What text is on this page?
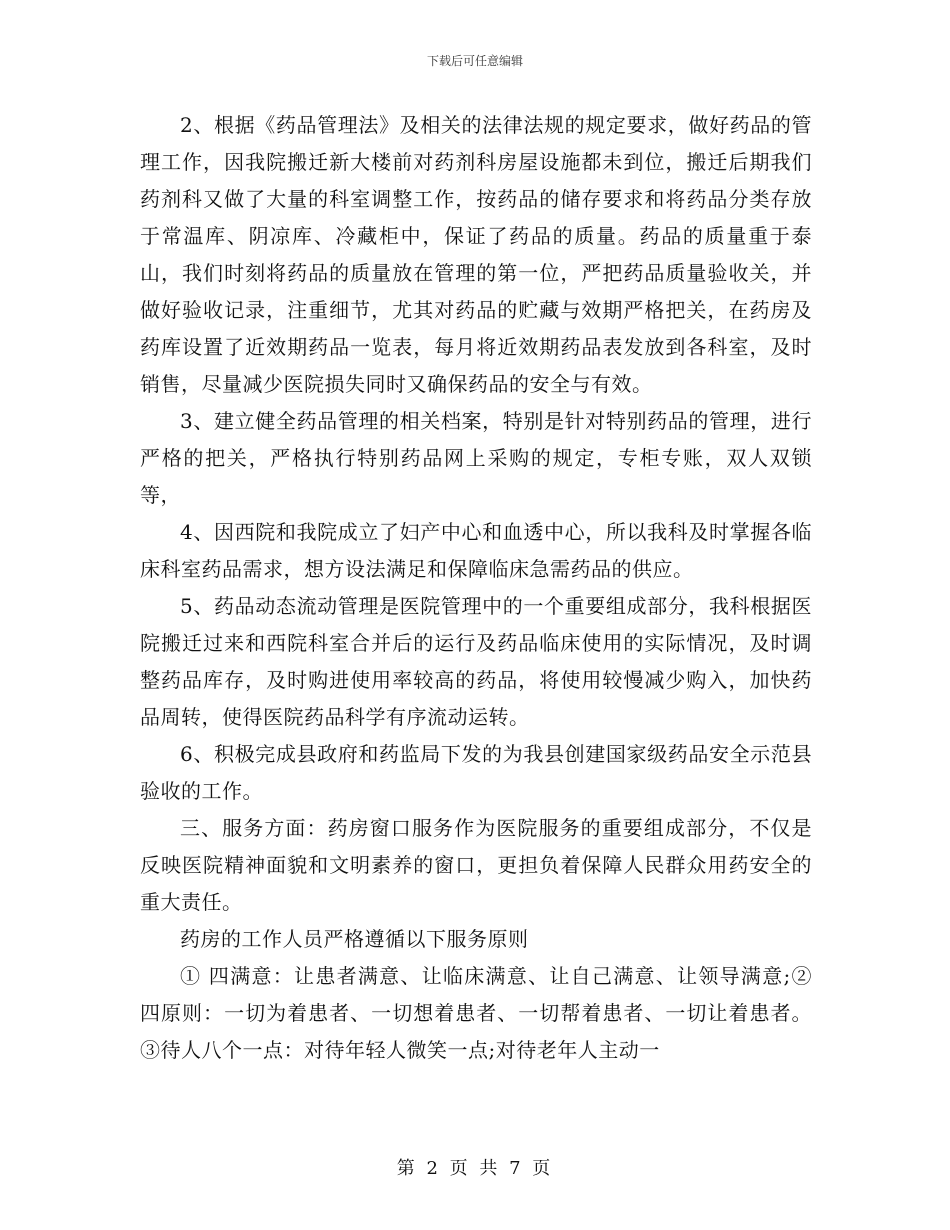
下载后可任意编辑

2、根据《药品管理法》及相关的法律法规的规定要求，做好药品的管理工作，因我院搬迁新大楼前对药剂科房屋设施都未到位，搬迁后期我们药剂科又做了大量的科室调整工作，按药品的储存要求和将药品分类存放于常温库、阴凉库、冷藏柜中，保证了药品的质量。药品的质量重于泰山，我们时刻将药品的质量放在管理的第一位，严把药品质量验收关，并做好验收记录，注重细节，尤其对药品的贮藏与效期严格把关，在药房及药库设置了近效期药品一览表，每月将近效期药品表发放到各科室，及时销售，尽量减少医院损失同时又确保药品的安全与有效。

3、建立健全药品管理的相关档案，特别是针对特别药品的管理，进行严格的把关，严格执行特别药品网上采购的规定，专柜专账，双人双锁等，

4、因西院和我院成立了妇产中心和血透中心，所以我科及时掌握各临床科室药品需求，想方设法满足和保障临床急需药品的供应。

5、药品动态流动管理是医院管理中的一个重要组成部分，我科根据医院搬迁过来和西院科室合并后的运行及药品临床使用的实际情况，及时调整药品库存，及时购进使用率较高的药品，将使用较慢减少购入，加快药品周转，使得医院药品科学有序流动运转。

6、积极完成县政府和药监局下发的为我县创建国家级药品安全示范县验收的工作。

三、服务方面：药房窗口服务作为医院服务的重要组成部分，不仅是反映医院精神面貌和文明素养的窗口，更担负着保障人民群众用药安全的重大责任。

药房的工作人员严格遵循以下服务原则

① 四满意：让患者满意、让临床满意、让自己满意、让领导满意;② 四原则：一切为着患者、一切想着患者、一切帮着患者、一切让着患者。 ③待人八个一点：对待年轻人微笑一点;对待老年人主动一

第 2 页 共 7 页
